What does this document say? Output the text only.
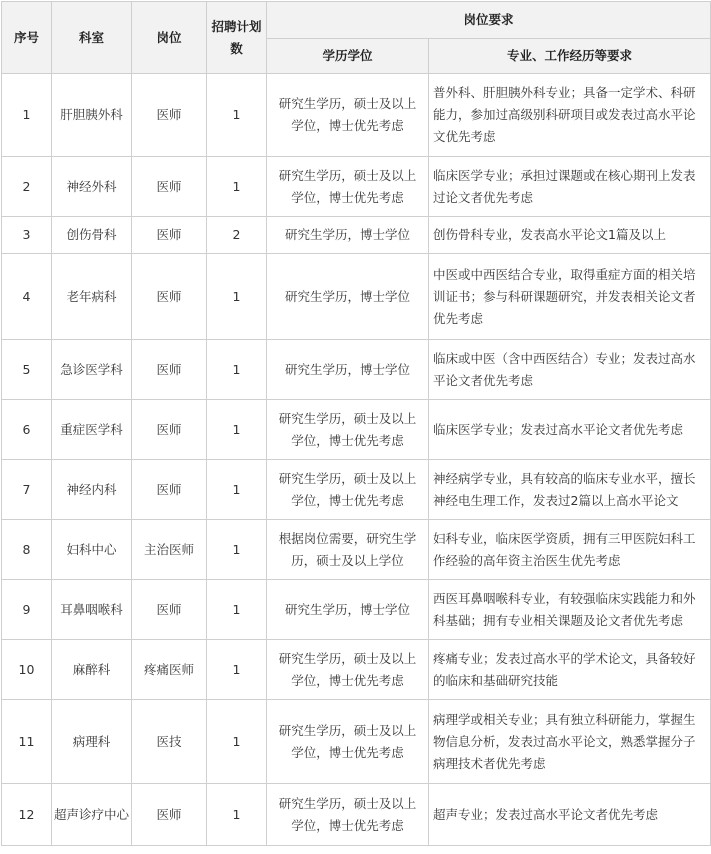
序号	科室	岗位	招聘计划数	岗位要求	
				学历学位	专业、工作经历等要求
1	肝胆胰外科	医师	1	研究生学历，硕士及以上学位，博士优先考虑	普外科、肝胆胰外科专业；具备一定学术、科研能力，参加过高级别科研项目或发表过高水平论文优先考虑
2	神经外科	医师	1	研究生学历，硕士及以上学位，博士优先考虑	临床医学专业；承担过课题或在核心期刊上发表过论文者优先考虑
3	创伤骨科	医师	2	研究生学历，博士学位	创伤骨科专业，发表高水平论文1篇及以上
4	老年病科	医师	1	研究生学历，博士学位	中医或中西医结合专业，取得重症方面的相关培训证书；参与科研课题研究，并发表相关论文者优先考虑
5	急诊医学科	医师	1	研究生学历，博士学位	临床或中医（含中西医结合）专业；发表过高水平论文者优先考虑
6	重症医学科	医师	1	研究生学历，硕士及以上学位，博士优先考虑	临床医学专业；发表过高水平论文者优先考虑
7	神经内科	医师	1	研究生学历，硕士及以上学位，博士优先考虑	神经病学专业，具有较高的临床专业水平，擅长神经电生理工作，发表过2篇以上高水平论文
8	妇科中心	主治医师	1	根据岗位需要，研究生学历，硕士及以上学位	妇科专业，临床医学资质，拥有三甲医院妇科工作经验的高年资主治医生优先考虑
9	耳鼻咽喉科	医师	1	研究生学历，博士学位	西医耳鼻咽喉科专业，有较强临床实践能力和外科基础；拥有专业相关课题及论文者优先考虑
10	麻醉科	疼痛医师	1	研究生学历，硕士及以上学位，博士优先考虑	疼痛专业；发表过高水平的学术论文，具备较好的临床和基础研究技能
11	病理科	医技	1	研究生学历，硕士及以上学位，博士优先考虑	病理学或相关专业；具有独立科研能力，掌握生物信息分析，发表过高水平论文，熟悉掌握分子病理技术者优先考虑
12	超声诊疗中心	医师	1	研究生学历，硕士及以上学位，博士优先考虑	超声专业；发表过高水平论文者优先考虑
